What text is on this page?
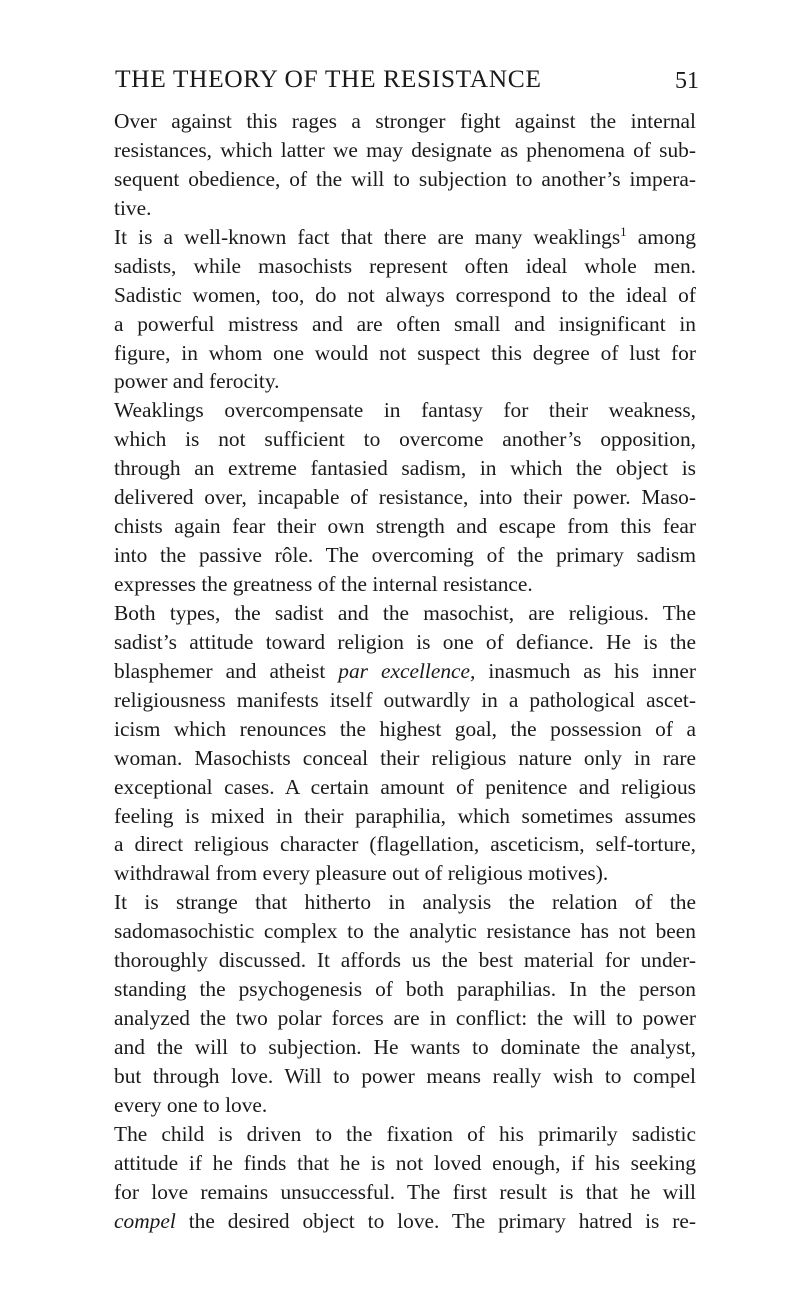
THE THEORY OF THE RESISTANCE	51
Over against this rages a stronger fight against the internal
resistances, which latter we may designate as phenomena of sub-
sequent obedience, of the will to subjection to another’s impera-
tive.
It is a well-known fact that there are many weaklings$^1$ among
sadists, while masochists represent often ideal whole men.
Sadistic women, too, do not always correspond to the ideal of
a powerful mistress and are often small and insignificant in
figure, in whom one would not suspect this degree of lust for
power and ferocity.
Weaklings overcompensate in fantasy for their weakness,
which is not sufficient to overcome another’s opposition,
through an extreme fantasied sadism, in which the object is
delivered over, incapable of resistance, into their power. Maso-
chists again fear their own strength and escape from this fear
into the passive rôle. The overcoming of the primary sadism
expresses the greatness of the internal resistance.
Both types, the sadist and the masochist, are religious. The
sadist’s attitude toward religion is one of defiance. He is the
blasphemer and atheist par excellence, inasmuch as his inner
religiousness manifests itself outwardly in a pathological ascet-
icism which renounces the highest goal, the possession of a
woman. Masochists conceal their religious nature only in rare
exceptional cases. A certain amount of penitence and religious
feeling is mixed in their paraphilia, which sometimes assumes
a direct religious character (flagellation, asceticism, self-torture,
withdrawal from every pleasure out of religious motives).
It is strange that hitherto in analysis the relation of the
sadomasochistic complex to the analytic resistance has not been
thoroughly discussed. It affords us the best material for under-
standing the psychogenesis of both paraphilias. In the person
analyzed the two polar forces are in conflict: the will to power
and the will to subjection. He wants to dominate the analyst,
but through love. Will to power means really wish to compel
every one to love.
The child is driven to the fixation of his primarily sadistic
attitude if he finds that he is not loved enough, if his seeking
for love remains unsuccessful. The first result is that he will
compel the desired object to love. The primary hatred is re-
